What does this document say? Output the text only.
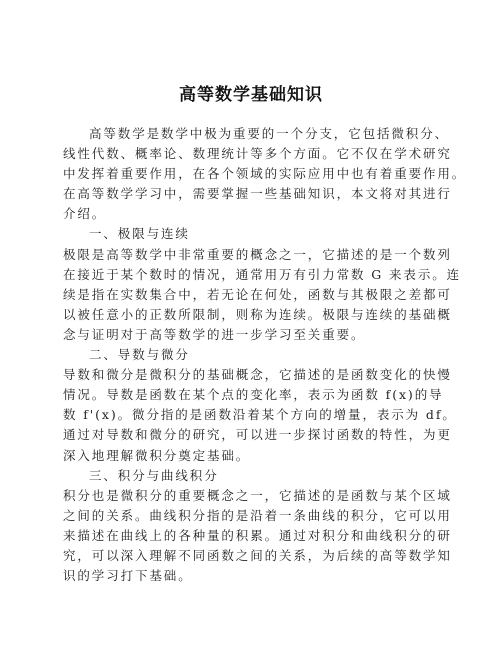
高等数学基础知识
高等数学是数学中极为重要的一个分支，它包括微积分、
线性代数、概率论、数理统计等多个方面。它不仅在学术研究
中发挥着重要作用，在各个领域的实际应用中也有着重要作用。
在高等数学学习中，需要掌握一些基础知识，本文将对其进行
介绍。
一、极限与连续
极限是高等数学中非常重要的概念之一，它描述的是一个数列
在接近于某个数时的情况，通常用万有引力常数 G 来表示。连
续是指在实数集合中，若无论在何处，函数与其极限之差都可
以被任意小的正数所限制，则称为连续。极限与连续的基础概
念与证明对于高等数学的进一步学习至关重要。
二、导数与微分
导数和微分是微积分的基础概念，它描述的是函数变化的快慢
情况。导数是函数在某个点的变化率，表示为函数 f(x)的导
数 f'(x)。微分指的是函数沿着某个方向的增量，表示为 df。
通过对导数和微分的研究，可以进一步探讨函数的特性，为更
深入地理解微积分奠定基础。
三、积分与曲线积分
积分也是微积分的重要概念之一，它描述的是函数与某个区域
之间的关系。曲线积分指的是沿着一条曲线的积分，它可以用
来描述在曲线上的各种量的积累。通过对积分和曲线积分的研
究，可以深入理解不同函数之间的关系，为后续的高等数学知
识的学习打下基础。
